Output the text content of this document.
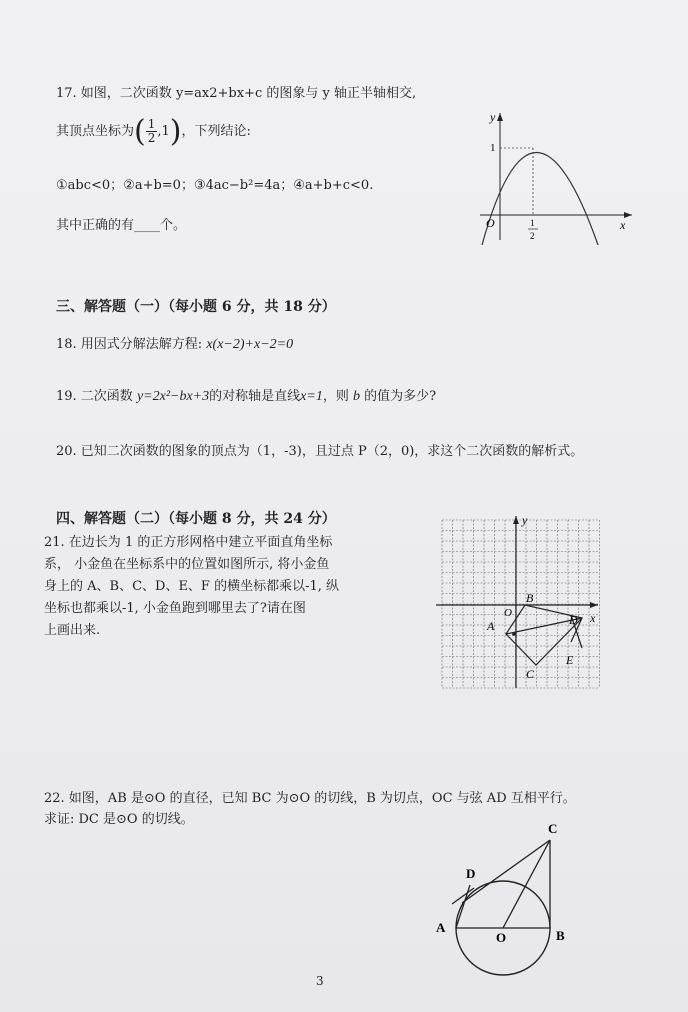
17. 如图，二次函数 y=ax2+bx+c 的图象与 y 轴正半轴相交,
其顶点坐标为( $\frac{1}{2} ,1$)，下列结论:
①abc<0；②a+b=0；③4ac−b²=4a；④a+b+c<0.
其中正确的有____个。
y
x
O
1
1
2
三、解答题（一）（每小题 6 分，共 18 分）
18. 用因式分解法解方程: x(x−2)+x−2=0
19. 二次函数 y=2x²−bx+3的对称轴是直线x=1，则 b 的值为多少?
20. 已知二次函数的图象的顶点为（1，-3)，且过点 P（2，0)，求这个二次函数的解析式。
四、解答题（二）（每小题 8 分，共 24 分）
21. 在边长为 1 的正方形网格中建立平面直角坐标
系， 小金鱼在坐标系中的位置如图所示, 将小金鱼
身上的 A、B、C、D、E、F 的横坐标都乘以-1, 纵
坐标也都乘以-1, 小金鱼跑到哪里去了?请在图
上画出来.
y
x
O
A
B
C
D
E
22. 如图，AB 是⊙O 的直径，已知 BC 为⊙O 的切线，B 为切点，OC 与弦 AD 互相平行。
求证: DC 是⊙O 的切线。
C
D
A
B
O
3
